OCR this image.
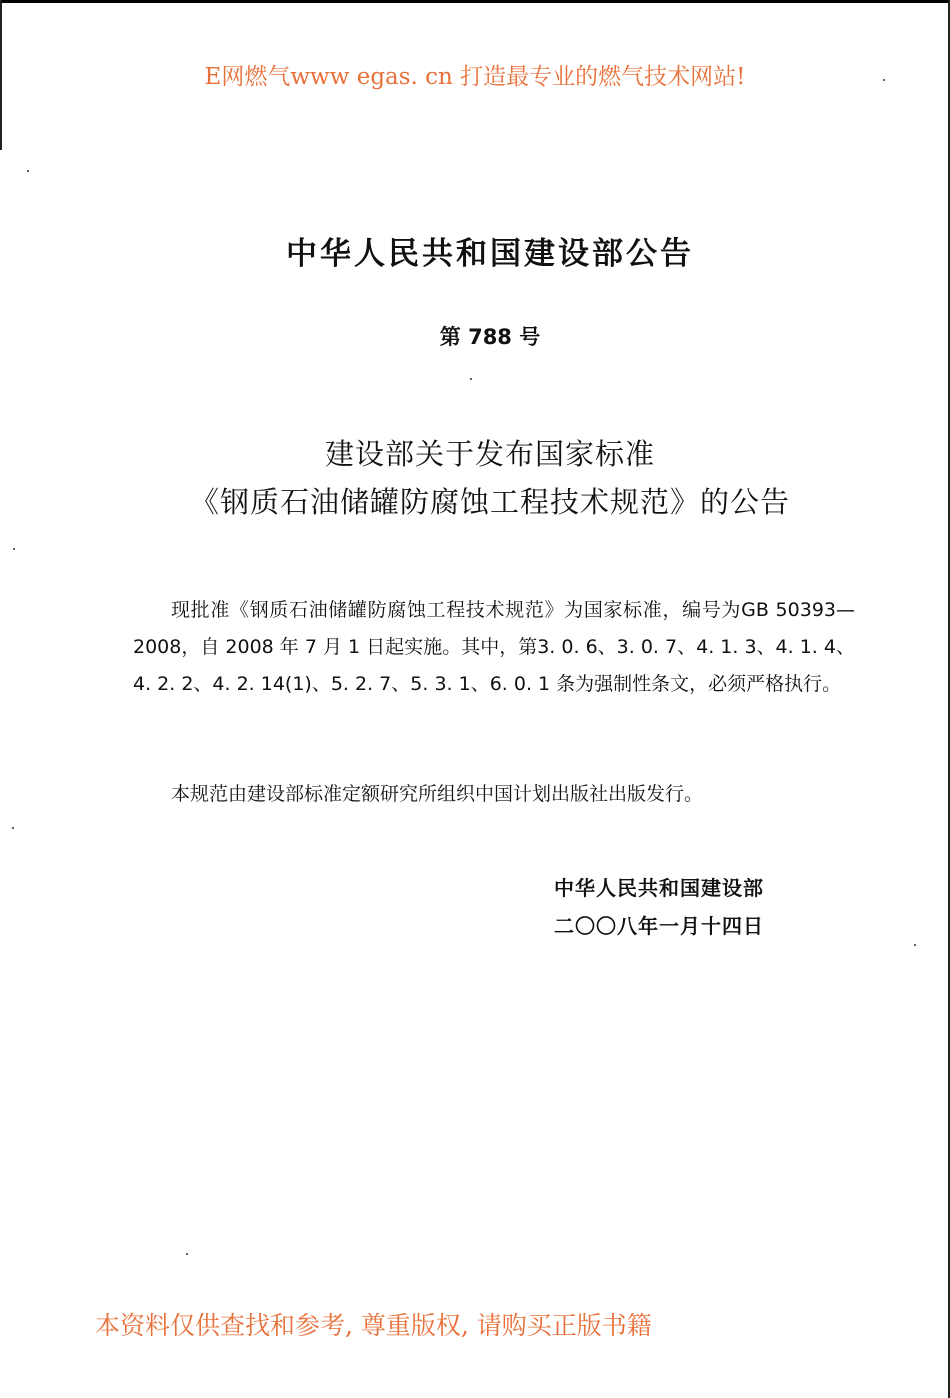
E网燃气www egas. cn 打造最专业的燃气技术网站!
中华人民共和国建设部公告
第 788 号
建设部关于发布国家标准
《钢质石油储罐防腐蚀工程技术规范》的公告

现批准《钢质石油储罐防腐蚀工程技术规范》为国家标准，编号为GB 50393—2008，自 2008 年 7 月 1 日起实施。其中，第3. 0. 6、3. 0. 7、4. 1. 3、4. 1. 4、4. 2. 2、4. 2. 14(1)、5. 2. 7、5. 3. 1、6. 0. 1 条为强制性条文，必须严格执行。

本规范由建设部标准定额研究所组织中国计划出版社出版发行。

中华人民共和国建设部
二〇〇八年一月十四日
本资料仅供查找和参考, 尊重版权, 请购买正版书籍
